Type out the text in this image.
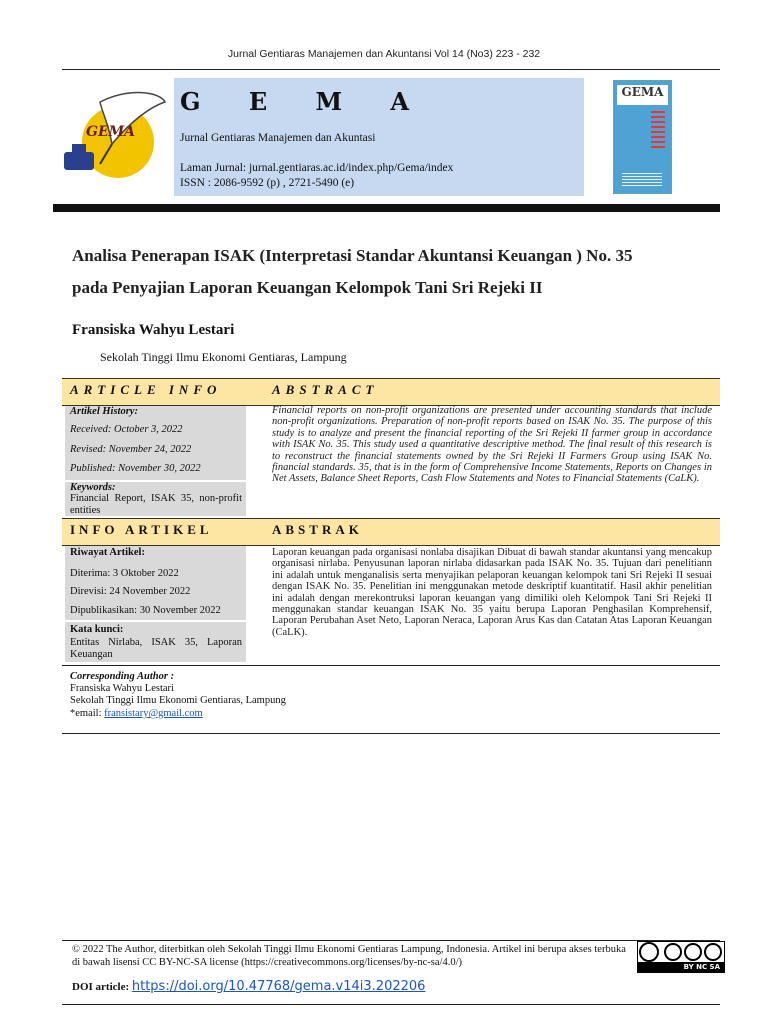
Jurnal Gentiaras Manajemen dan Akuntansi Vol 14 (No3) 223 - 232
GEMA
G E M A
Jurnal Gentiaras Manajemen dan Akuntasi
Laman Jurnal: jurnal.gentiaras.ac.id/index.php/Gema/index
ISSN : 2086-9592 (p) , 2721-5490 (e)
GEMA
Analisa Penerapan ISAK (Interpretasi Standar Akuntansi Keuangan ) No. 35
pada Penyajian Laporan Keuangan Kelompok Tani Sri Rejeki II
Fransiska Wahyu Lestari
Sekolah Tinggi Ilmu Ekonomi Gentiaras, Lampung
ARTICLE INFO	ABSTRACT
Artikel History:
Received: October 3, 2022
Revised: November 24, 2022
Published: November 30, 2022
Keywords:
Financial Report, ISAK 35, non-profit entities
Financial reports on non-profit organizations are presented under accounting standards that include non-profit organizations. Preparation of non-profit reports based on ISAK No. 35. The purpose of this study is to analyze and present the financial reporting of the Sri Rejeki II farmer group in accordance with ISAK No. 35. This study used a quantitative descriptive method. The final result of this research is to reconstruct the financial statements owned by the Sri Rejeki II Farmers Group using ISAK No. financial standards. 35, that is in the form of Comprehensive Income Statements, Reports on Changes in Net Assets, Balance Sheet Reports, Cash Flow Statements and Notes to Financial Statements (CaLK).
INFO ARTIKEL	ABSTRAK
Riwayat Artikel:
Diterima: 3 Oktober 2022
Direvisi: 24 November 2022
Dipublikasikan: 30 November 2022
Kata kunci:
Entitas Nirlaba, ISAK 35, Laporan Keuangan
Laporan keuangan pada organisasi nonlaba disajikan Dibuat di bawah standar akuntansi yang mencakup organisasi nirlaba. Penyusunan laporan nirlaba didasarkan pada ISAK No. 35. Tujuan dari penelitiann ini adalah untuk menganalisis serta menyajikan pelaporan keuangan kelompok tani Sri Rejeki II sesuai dengan ISAK No. 35. Penelitian ini menggunakan metode deskriptif kuantitatif. Hasil akhir penelitian ini adalah dengan merekontruksi laporan keuangan yang dimiliki oleh Kelompok Tani Sri Rejeki II menggunakan standar keuangan ISAK No. 35 yaitu berupa Laporan Penghasilan Komprehensif, Laporan Perubahan Aset Neto, Laporan Neraca, Laporan Arus Kas dan Catatan Atas Laporan Keuangan (CaLK).
Corresponding Author :
Fransiska Wahyu Lestari
Sekolah Tinggi Ilmu Ekonomi Gentiaras, Lampung
*email: fransistary@gmail.com
© 2022 The Author, diterbitkan oleh Sekolah Tinggi Ilmu Ekonomi Gentiaras Lampung, Indonesia. Artikel ini berupa akses terbuka di bawah lisensi CC BY-NC-SA license (https://creativecommons.org/licenses/by-nc-sa/4.0/)	BY NC SA
DOI article: https://doi.org/10.47768/gema.v14i3.202206
